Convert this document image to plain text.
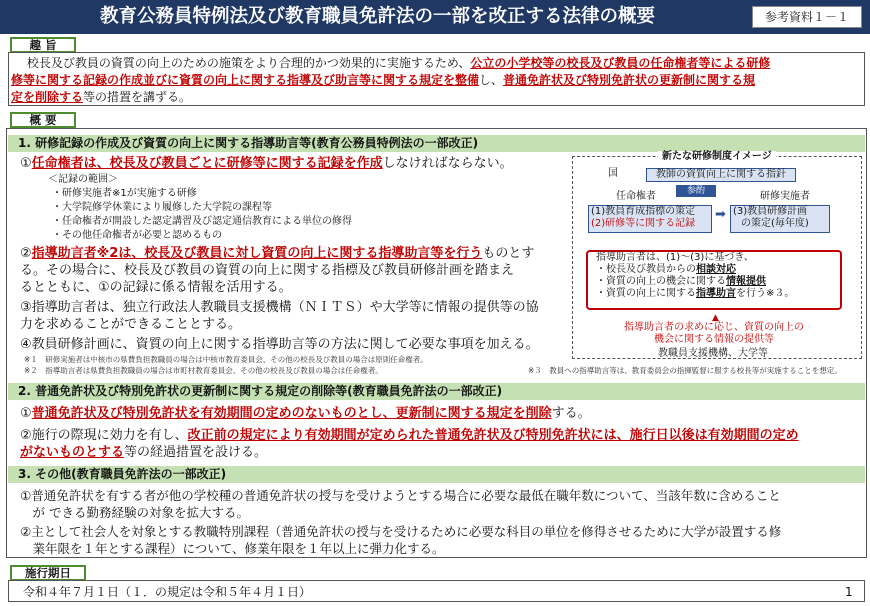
教育公務員特例法及び教育職員免許法の一部を改正する法律の概要	参考資料１－１
趣 旨
　 校長及び教員の資質の向上のための施策をより合理的かつ効果的に実施するため、公立の小学校等の校長及び教員の任命権者等による研修
修等に関する記録の作成並びに資質の向上に関する指導及び助言等に関する規定を整備し、普通免許状及び特別免許状の更新制に関する規
定を削除する等の措置を講ずる。
概 要
1. 研修記録の作成及び資質の向上に関する指導助言等(教育公務員特例法の一部改正)
①任命権者は、校長及び教員ごとに研修等に関する記録を作成しなければならない。
＜記録の範囲＞
・研修実施者※1が実施する研修
・大学院修学休業により履修した大学院の課程等
・任命権者が開設した認定講習及び認定通信教育による単位の修得
・その他任命権者が必要と認めるもの
②指導助言者※2は、校長及び教員に対し資質の向上に関する指導助言等を行うものとす
る。その場合に、校長及び教員の資質の向上に関する指標及び教員研修計画を踏まえ
るとともに、①の記録に係る情報を活用する。
③指導助言者は、独立行政法人教職員支援機構（ＮＩＴＳ）や大学等に情報の提供等の協
力を求めることができることとする。
④教員研修計画に、資質の向上に関する指導助言等の方法に関して必要な事項を加える。
※１　研修実施者は中核市の県費負担教職員の場合は中核市教育委員会、その他の校長及び教員の場合は原則任命権者。
※２　指導助言者は県費負担教職員の場合は市町村教育委員会、その他の校長及び教員の場合は任命権者。	※３　教員への指導助言等は、教育委員会の指揮監督に服する校長等が実施することを想定。
新たな研修制度イメージ
国	教師の資質向上に関する指針
参酌
任命権者	研修実施者
(1)教員育成指標の策定
(2)研修等に関する記録
➡ (3)教員研修計画
の策定(毎年度)
指導助言者は、(1)～(3)に基づき、
・校長及び教員からの相談対応
・資質の向上の機会に関する情報提供
・資質の向上に関する指導助言を行う※３。
▲
指導助言者の求めに応じ、資質の向上の
機会に関する情報の提供等
教職員支援機構、大学等
2. 普通免許状及び特別免許状の更新制に関する規定の削除等(教育職員免許法の一部改正)
①普通免許状及び特別免許状を有効期間の定めのないものとし、更新制に関する規定を削除する。
②施行の際現に効力を有し、改正前の規定により有効期間が定められた普通免許状及び特別免許状には、施行日以後は有効期間の定め
がないものとする等の経過措置を設ける。
3. その他(教育職員免許法の一部改正)
①普通免許状を有する者が他の学校種の普通免許状の授与を受けようとする場合に必要な最低在職年数について、当該年数に含めること
　が できる勤務経験の対象を拡大する。
②主として社会人を対象とする教職特別課程（普通免許状の授与を受けるために必要な科目の単位を修得させるために大学が設置する修
　業年限を１年とする課程）について、修業年限を１年以上に弾力化する。
施行期日
令和４年７月１日（１．の規定は令和５年４月１日）	1
